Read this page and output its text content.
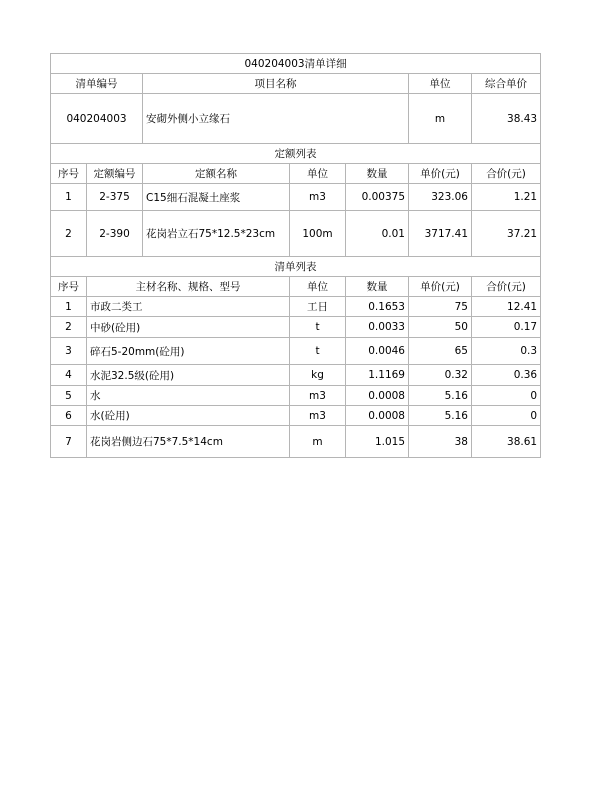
040204003清单详细						
清单编号		项目名称			单位	综合单价
040204003		安砌外侧小立缘石			m	38.43
定额列表						
序号	定额编号	定额名称	单位	数量	单价(元)	合价(元)
1	2-375	C15细石混凝土座浆	m3	0.00375	323.06	1.21
2	2-390	花岗岩立石75*12.5*23cm	100m	0.01	3717.41	37.21
清单列表						
序号	主材名称、规格、型号		单位	数量	单价(元)	合价(元)
1	市政二类工		工日	0.1653	75	12.41
2	中砂(砼用)		t	0.0033	50	0.17
3	碎石5-20mm(砼用)		t	0.0046	65	0.3
4	水泥32.5级(砼用)		kg	1.1169	0.32	0.36
5	水		m3	0.0008	5.16	0
6	水(砼用)		m3	0.0008	5.16	0
7	花岗岩侧边石75*7.5*14cm		m	1.015	38	38.61
